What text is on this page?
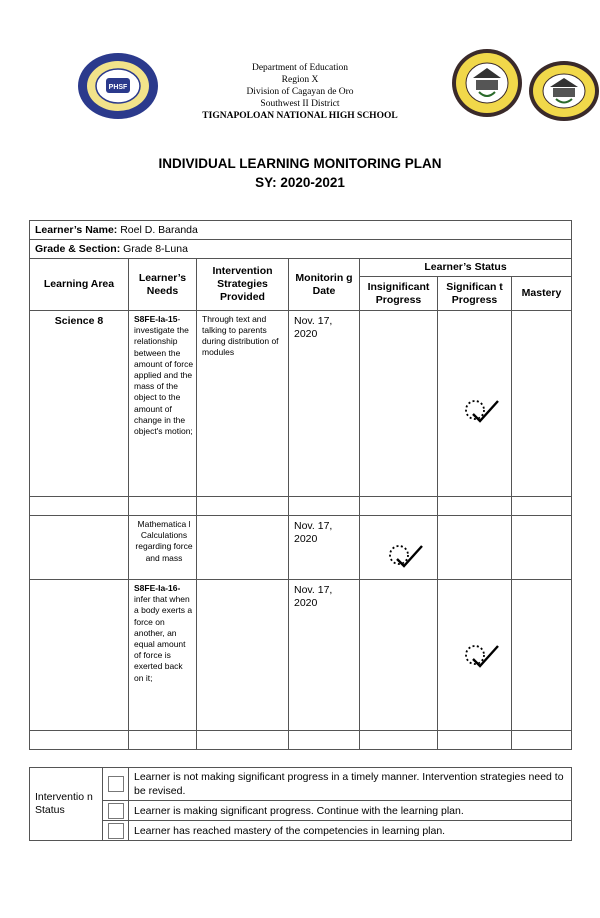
PHSF
Department of Education
Region X
Division of Cagayan de Oro
Southwest II District
TIGNAPOLOAN NATIONAL HIGH SCHOOL
INDIVIDUAL LEARNING MONITORING PLAN
SY: 2020-2021
Learner’s Name: Roel D. Baranda						
Grade & Section: Grade 8-Luna						
Learning Area	Learner’s Needs	Intervention Strategies Provided	Monitorin g Date	Learner’s Status		
				Insignificant Progress	Significan t Progress	Mastery
Science 8	S8FE-Ia-15-investigate the relationship between the amount of force applied and the mass of the object to the amount of change in the object's motion;	Through text and talking to parents during distribution of modules	Nov. 17, 2020		

	Mathematica l Calculations regarding force and mass		Nov. 17, 2020	

	S8FE-Ia-16-infer that when a body exerts a force on another, an equal amount of force is exerted back on it;		Nov. 17, 2020		

Interventio n Status		Learner is not making significant progress in a timely manner. Intervention strategies need to be revised.

		Learner is making significant progress. Continue with the learning plan.

		Learner has reached mastery of the competencies in learning plan.
